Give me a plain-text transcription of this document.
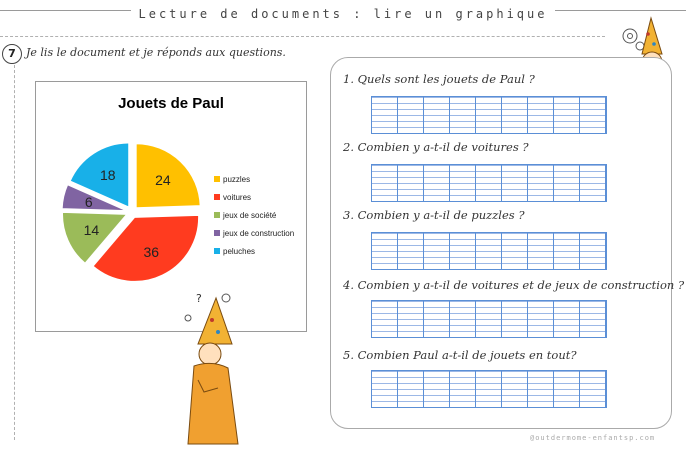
Lecture de documents : lire un graphique
7 Je lis le document et je réponds aux questions.
Jouets de Paul
24
36
14
6
18	puzzles
voitures
jeux de société
jeux de construction
peluches
?
1. Quels sont les jouets de Paul ?
2. Combien y a-t-il de voitures ?
3. Combien y a-t-il de puzzles ?
4. Combien y a-t-il de voitures et de jeux de construction ?
5. Combien Paul a-t-il de jouets en tout?
@outdermome-enfantsp.com
